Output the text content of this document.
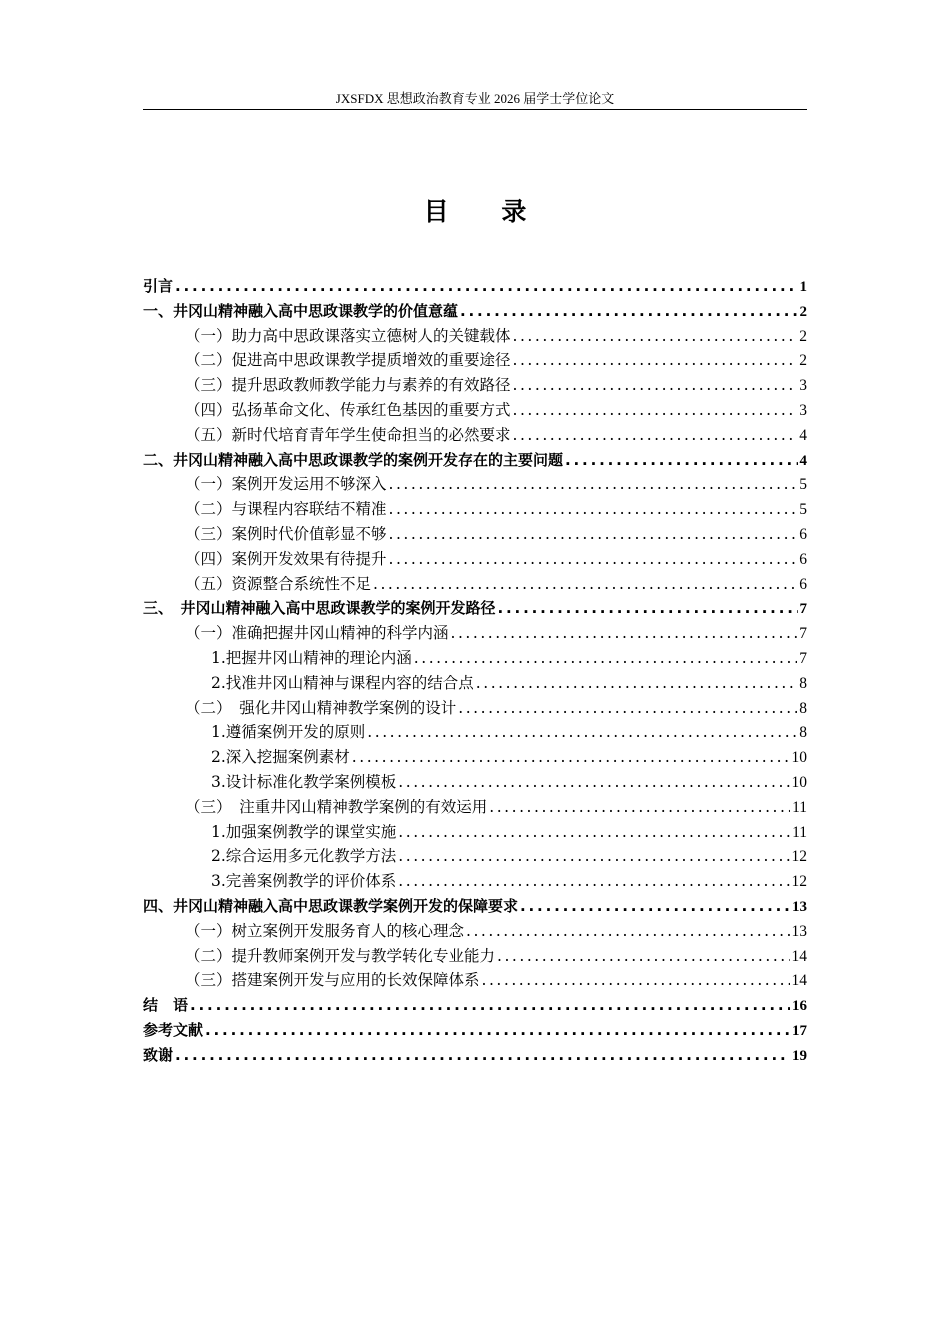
JXSFDX 思想政治教育专业 2026 届学士学位论文
目 录
引言 . . .	1
一、井冈山精神融入高中思政课教学的价值意蕴 . . .	2
（一）助力高中思政课落实立德树人的关键载体 . . .	2
（二）促进高中思政课教学提质增效的重要途径 . . .	2
（三）提升思政教师教学能力与素养的有效路径 . . .	3
（四）弘扬革命文化、传承红色基因的重要方式 . . .	3
（五）新时代培育青年学生使命担当的必然要求 . . .	4
二、井冈山精神融入高中思政课教学的案例开发存在的主要问题 . . .	4
（一）案例开发运用不够深入 . . .	5
（二）与课程内容联结不精准 . . .	5
（三）案例时代价值彰显不够 . . .	6
（四）案例开发效果有待提升 . . .	6
（五）资源整合系统性不足 . . .	6
三、　井冈山精神融入高中思政课教学的案例开发路径 . . .	7
（一）准确把握井冈山精神的科学内涵 . . .	7
1.把握井冈山精神的理论内涵 . . .	7
2.找准井冈山精神与课程内容的结合点 . . .	8
（二）　强化井冈山精神教学案例的设计 . . .	8
1.遵循案例开发的原则 . . .	8
2.深入挖掘案例素材 . . .	10
3.设计标准化教学案例模板 . . .	10
（三）　注重井冈山精神教学案例的有效运用 . . .	11
1.加强案例教学的课堂实施 . . .	11
2.综合运用多元化教学方法 . . .	12
3.完善案例教学的评价体系 . . .	12
四、井冈山精神融入高中思政课教学案例开发的保障要求 . . .	13
（一）树立案例开发服务育人的核心理念 . . .	13
（二）提升教师案例开发与教学转化专业能力 . . .	14
（三）搭建案例开发与应用的长效保障体系 . . .	14
结　语 . . .	16
参考文献 . . .	17
致谢 . . .	19
